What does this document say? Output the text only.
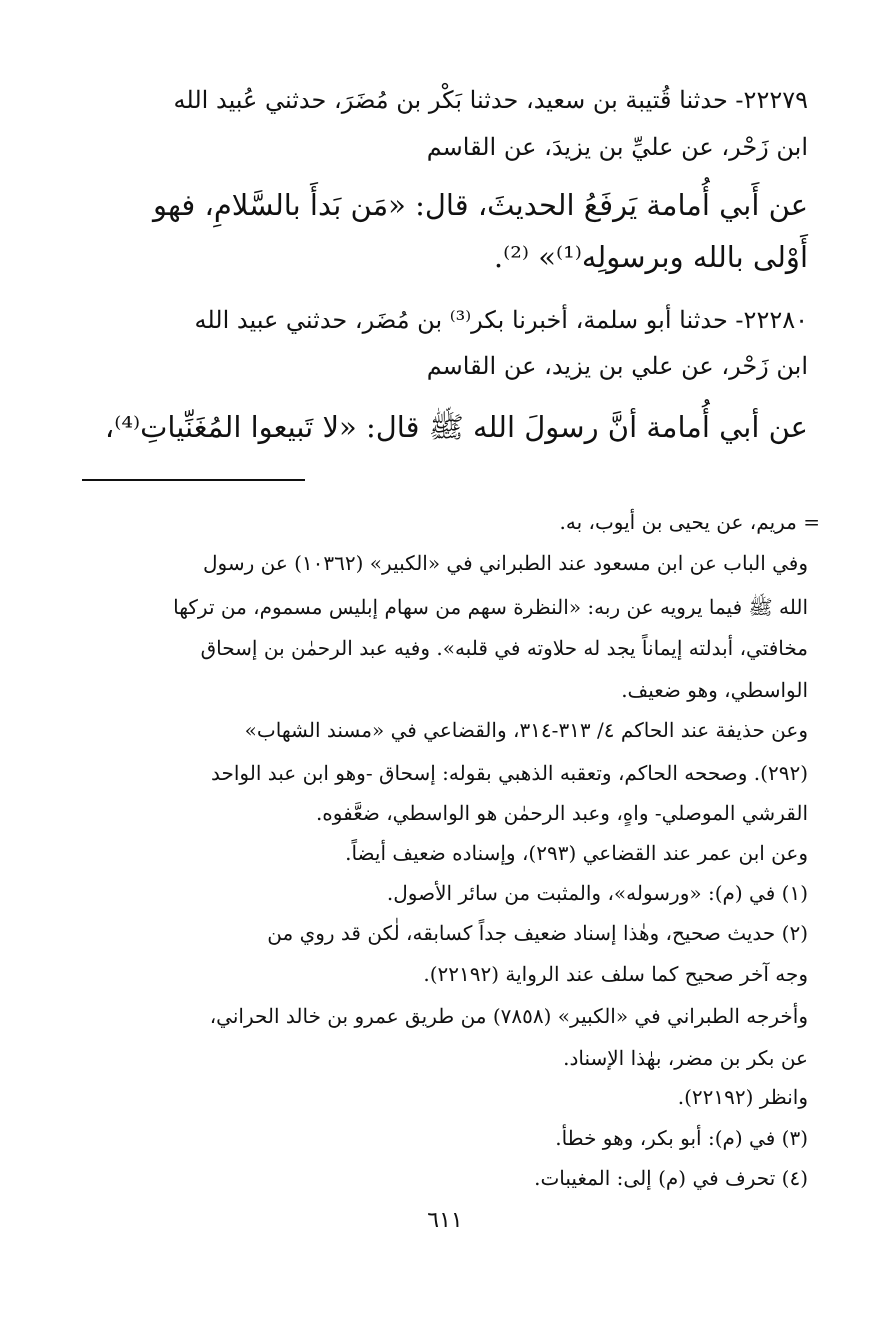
٢٢٢٧٩- حدثنا قُتيبة بن سعيد، حدثنا بَكْر بن مُضَرَ، حدثني عُبيد الله
ابن زَحْر، عن عليِّ بن يزيدَ، عن القاسم
عن أَبي أُمامة يَرفَعُ الحديثَ، قال: «مَن بَدأَ بالسَّلامِ، فهو
أَوْلى بالله وبرسولِه⁽¹⁾» ⁽²⁾.
٢٢٢٨٠- حدثنا أبو سلمة، أخبرنا بكر⁽³⁾ بن مُضَر، حدثني عبيد الله
ابن زَحْر، عن علي بن يزيد، عن القاسم
عن أبي أُمامة أنَّ رسولَ الله ﷺ قال: «لا تَبيعوا المُغَنِّياتِ⁽⁴⁾،
= مريم، عن يحيى بن أيوب، به.
وفي الباب عن ابن مسعود عند الطبراني في «الكبير» (١٠٣٦٢) عن رسول
الله ﷺ فيما يرويه عن ربه: «النظرة سهم من سهام إبليس مسموم، من تركها
مخافتي، أبدلته إيماناً يجد له حلاوته في قلبه». وفيه عبد الرحمٰن بن إسحاق
الواسطي، وهو ضعيف.
وعن حذيفة عند الحاكم ٤/ ٣١٣-٣١٤، والقضاعي في «مسند الشهاب»
(٢٩٢). وصححه الحاكم، وتعقبه الذهبي بقوله: إسحاق -وهو ابن عبد الواحد
القرشي الموصلي- واهٍ، وعبد الرحمٰن هو الواسطي، ضعَّفوه.
وعن ابن عمر عند القضاعي (٢٩٣)، وإسناده ضعيف أيضاً.
(١) في (م): «ورسوله»، والمثبت من سائر الأصول.
(٢) حديث صحيح، وهٰذا إسناد ضعيف جداً كسابقه، لٰكن قد روي من
وجه آخر صحيح كما سلف عند الرواية (٢٢١٩٢).
وأخرجه الطبراني في «الكبير» (٧٨٥٨) من طريق عمرو بن خالد الحراني،
عن بكر بن مضر، بهٰذا الإسناد.
وانظر (٢٢١٩٢).
(٣) في (م): أبو بكر، وهو خطأ.
(٤) تحرف في (م) إلى: المغيبات.
٦١١
